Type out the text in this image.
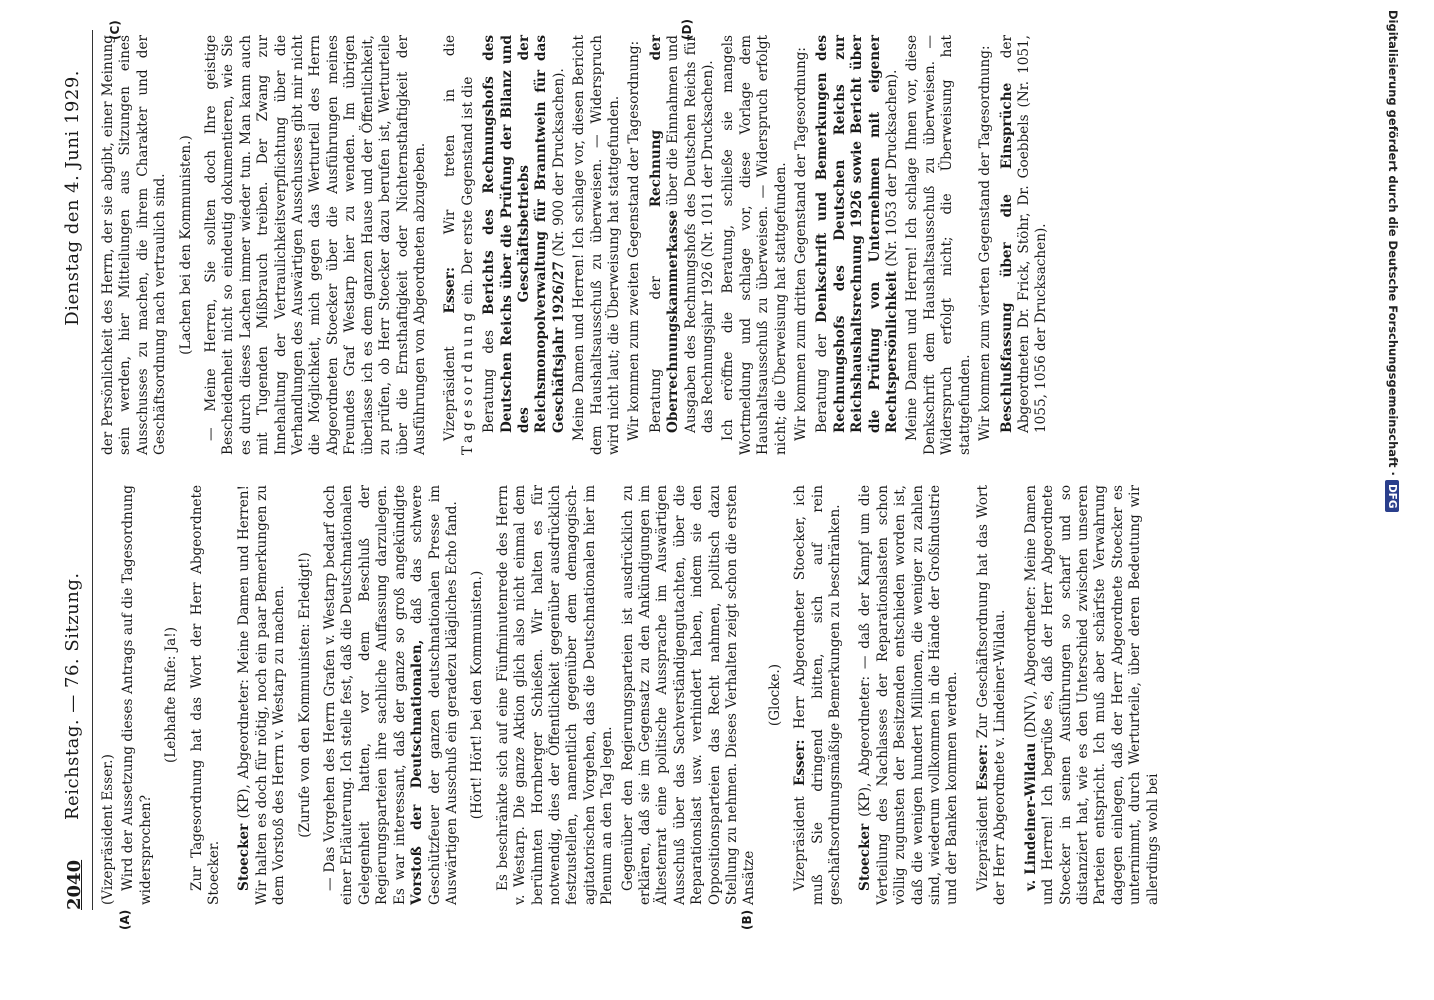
2040
Reichstag. — 76. Sitzung.
Dienstag den 4. Juni 1929.
(A)	(B)
(C)	(D)

(Vizepräsident Esser.) Wird der Aussetzung dieses Antrags auf die Tagesordnung widersprochen?

(Lebhafte Rufe: Ja!) Zur Tagesordnung hat das Wort der Herr Abgeordnete Stoecker. Stoecker (KP), Abgeordneter: Meine Damen und Herren! Wir halten es doch für nötig, noch ein paar Bemerkungen zu dem Vorstoß des Herrn v. Westarp zu machen. (Zurufe von den Kommunisten: Erledigt!) — Das Vorgehen des Herrn Grafen v. Westarp bedarf doch einer Erläuterung. Ich stelle fest, daß die Deutschnationalen Gelegenheit hatten, vor dem Beschluß der Regierungsparteien ihre sachliche Auffassung darzulegen. Es war interessant, daß der ganze so groß angekündigte Vorstoß der Deutschnationalen, daß das schwere Geschützfeuer der ganzen deutschnationalen Presse im Auswärtigen Ausschuß ein geradezu klägliches Echo fand. (Hört! Hört! bei den Kommunisten.) Es beschränkte sich auf eine Fünfminutenrede des Herrn v. Westarp. Die ganze Aktion glich also nicht einmal dem berühmten Hornberger Schießen. Wir halten es für notwendig, dies der Öffentlichkeit gegenüber ausdrücklich festzustellen, namentlich gegenüber dem demagogisch-agitatorischen Vorgehen, das die Deutschnationalen hier im Plenum an den Tag legen. Gegenüber den Regierungsparteien ist ausdrücklich zu erklären, daß sie im Gegensatz zu den Ankündigungen im Ältestenrat eine politische Aussprache im Auswärtigen Ausschuß über das Sachverständigengutachten, über die Reparationslast usw. verhindert haben, indem sie den Oppositionsparteien das Recht nahmen, politisch dazu Stellung zu nehmen. Dieses Verhalten zeigt schon die ersten Ansätze

(Glocke.)

Vizepräsident Esser: Herr Abgeordneter Stoecker, ich muß Sie dringend bitten, sich auf rein geschäftsordnungsmäßige Bemerkungen zu beschränken. Stoecker (KP), Abgeordneter: — daß der Kampf um die Verteilung des Nachlasses der Reparationslasten schon völlig zugunsten der Besitzenden entschieden worden ist, daß die wenigen hundert Millionen, die weniger zu zahlen sind, wiederum vollkommen in die Hände der Großindustrie und der Banken kommen werden. Vizepräsident Esser: Zur Geschäftsordnung hat das Wort der Herr Abgeordnete v. Lindeiner-Wildau. v. Lindeiner-Wildau (DNV), Abgeordneter: Meine Damen und Herren! Ich begrüße es, daß der Herr Abgeordnete Stoecker in seinen Ausführungen so scharf und so distanziert hat, wie es den Unterschied zwischen unseren Parteien entspricht. Ich muß aber schärfste Verwahrung dagegen einlegen, daß der Herr Abgeordnete Stoecker es unternimmt, durch Werturteile, über deren Bedeutung wir allerdings wohl bei

der Persönlichkeit des Herrn, der sie abgibt, einer Meinung sein werden, hier Mitteilungen aus Sitzungen eines Ausschusses zu machen, die ihrem Charakter und der Geschäftsordnung nach vertraulich sind. (Lachen bei den Kommunisten.) — Meine Herren, Sie sollten doch Ihre geistige Bescheidenheit nicht so eindeutig dokumentieren, wie Sie es durch dieses Lachen immer wieder tun. Man kann auch mit Tugenden Mißbrauch treiben. Der Zwang zur Innehaltung der Vertraulichkeitsverpflichtung über die Verhandlungen des Auswärtigen Ausschusses gibt mir nicht die Möglichkeit, mich gegen das Werturteil des Herrn Abgeordneten Stoecker über die Ausführungen meines Freundes Graf Westarp hier zu wenden. Im übrigen überlasse ich es dem ganzen Hause und der Öffentlichkeit, zu prüfen, ob Herr Stoecker dazu berufen ist, Werturteile über die Ernsthaftigkeit oder Nichternsthaftigkeit der Ausführungen von Abgeordneten abzugeben. Vizepräsident Esser: Wir treten in die Tagesordnung ein. Der erste Gegenstand ist die

Beratung des Berichts des Rechnungshofs des Deutschen Reichs über die Prüfung der Bilanz und des Geschäftsbetriebs der Reichsmonopolverwaltung für Branntwein für das Geschäftsjahr 1926/27 (Nr. 900 der Drucksachen). Meine Damen und Herren! Ich schlage vor, diesen Bericht dem Haushaltsausschuß zu überweisen. — Widerspruch wird nicht laut; die Überweisung hat stattgefunden. Wir kommen zum zweiten Gegenstand der Tagesordnung: Beratung der Rechnung der Oberrechnungskammerkasse über die Einnahmen und Ausgaben des Rechnungshofs des Deutschen Reichs für das Rechnungsjahr 1926 (Nr. 1011 der Drucksachen). Ich eröffne die Beratung, schließe sie mangels Wortmeldung und schlage vor, diese Vorlage dem Haushaltsausschuß zu überweisen. — Widerspruch erfolgt nicht; die Überweisung hat stattgefunden. Wir kommen zum dritten Gegenstand der Tagesordnung: Beratung der Denkschrift und Bemerkungen des Rechnungshofs des Deutschen Reichs zur Reichshaushaltsrechnung 1926 sowie Bericht über die Prüfung von Unternehmen mit eigener Rechtspersönlichkeit (Nr. 1053 der Drucksachen). Meine Damen und Herren! Ich schlage Ihnen vor, diese Denkschrift dem Haushaltsausschuß zu überweisen. — Widerspruch erfolgt nicht; die Überweisung hat stattgefunden. Wir kommen zum vierten Gegenstand der Tagesordnung: Beschlußfassung über die Einsprüche der Abgeordneten Dr. Frick, Stöhr, Dr. Goebbels (Nr. 1051, 1055, 1056 der Drucksachen).	Digitalisierung gefördert durch die Deutsche Forschungsgemeinschaft · DFG
